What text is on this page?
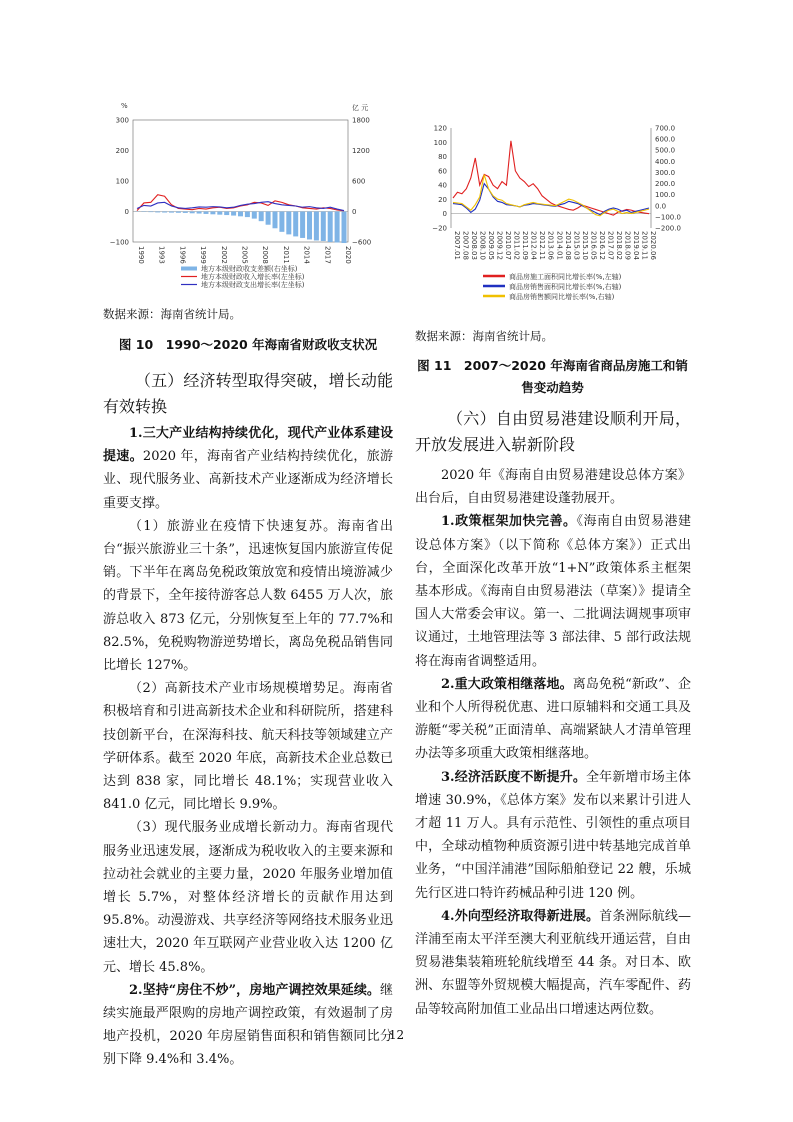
%	亿 元
300
200
100
0
−100
1800
1200
600
0
−600
1990 1993 1996 1999 2002 2005 2008 2011 2014 2017 2020
地方本级财政收支差额(右坐标)
地方本级财政收入增长率(左坐标)
地方本级财政支出增长率(左坐标)
数据来源：海南省统计局。
图 10　1990～2020 年海南省财政收支状况

（五）经济转型取得突破，增长动能有效转换

1.三大产业结构持续优化，现代产业体系建设提速。2020 年，海南省产业结构持续优化，旅游业、现代服务业、高新技术产业逐渐成为经济增长重要支撑。

（1）旅游业在疫情下快速复苏。海南省出台“振兴旅游业三十条”，迅速恢复国内旅游宣传促销。下半年在离岛免税政策放宽和疫情出境游减少的背景下，全年接待游客总人数 6455 万人次，旅游总收入 873 亿元，分别恢复至上年的 77.7%和 82.5%，免税购物游逆势增长，离岛免税品销售同比增长 127%。

（2）高新技术产业市场规模增势足。海南省积极培育和引进高新技术企业和科研院所，搭建科技创新平台，在深海科技、航天科技等领域建立产学研体系。截至 2020 年底，高新技术企业总数已达到 838 家，同比增长 48.1%；实现营业收入 841.0 亿元，同比增长 9.9%。

（3）现代服务业成增长新动力。海南省现代服务业迅速发展，逐渐成为税收收入的主要来源和拉动社会就业的主要力量，2020 年服务业增加值增长 5.7%，对整体经济增长的贡献作用达到 95.8%。动漫游戏、共享经济等网络技术服务业迅速壮大，2020 年互联网产业营业收入达 1200 亿元、增长 45.8%。

2.坚持“房住不炒”，房地产调控效果延续。继续实施最严限购的房地产调控政策，有效遏制了房地产投机，2020 年房屋销售面积和销售额同比分别下降 9.4%和 3.4%。

120
100
80
60
40
20
0
−20
700.0
600.0
500.0
400.0
300.0
200.0
100.0
0.0
−100.0
−200.0
2007.01 2007.08 2008.03 2008.10 2009.05 2009.12 2010.07 2011.02 2011.09 2012.04 2012.11 2013.06 2014.01 2014.08 2015.03 2015.10 2016.05 2016.12 2017.07 2018.02 2018.09 2019.04 2019.11 2020.06
商品房施工面积同比增长率(%,左轴)
商品房销售面积同比增长率(%,右轴)
商品房销售额同比增长率(%,右轴)
数据来源：海南省统计局。
图 11　2007～2020 年海南省商品房施工和销
售变动趋势

（六）自由贸易港建设顺利开局，开放发展进入崭新阶段

2020 年《海南自由贸易港建设总体方案》出台后，自由贸易港建设蓬勃展开。

1.政策框架加快完善。《海南自由贸易港建设总体方案》（以下简称《总体方案》）正式出台，全面深化改革开放“1+N”政策体系主框架基本形成。《海南自由贸易港法（草案）》提请全国人大常委会审议。第一、二批调法调规事项审议通过，土地管理法等 3 部法律、5 部行政法规将在海南省调整适用。

2.重大政策相继落地。离岛免税“新政”、企业和个人所得税优惠、进口原辅料和交通工具及游艇“零关税”正面清单、高端紧缺人才清单管理办法等多项重大政策相继落地。

3.经济活跃度不断提升。全年新增市场主体增速 30.9%，《总体方案》发布以来累计引进人才超 11 万人。具有示范性、引领性的重点项目中，全球动植物种质资源引进中转基地完成首单业务，“中国洋浦港”国际船舶登记 22 艘，乐城先行区进口特许药械品种引进 120 例。

4.外向型经济取得新进展。首条洲际航线—洋浦至南太平洋至澳大利亚航线开通运营，自由贸易港集装箱班轮航线增至 44 条。对日本、欧洲、东盟等外贸规模大幅提高，汽车零配件、药品等较高附加值工业品出口增速达两位数。

12
